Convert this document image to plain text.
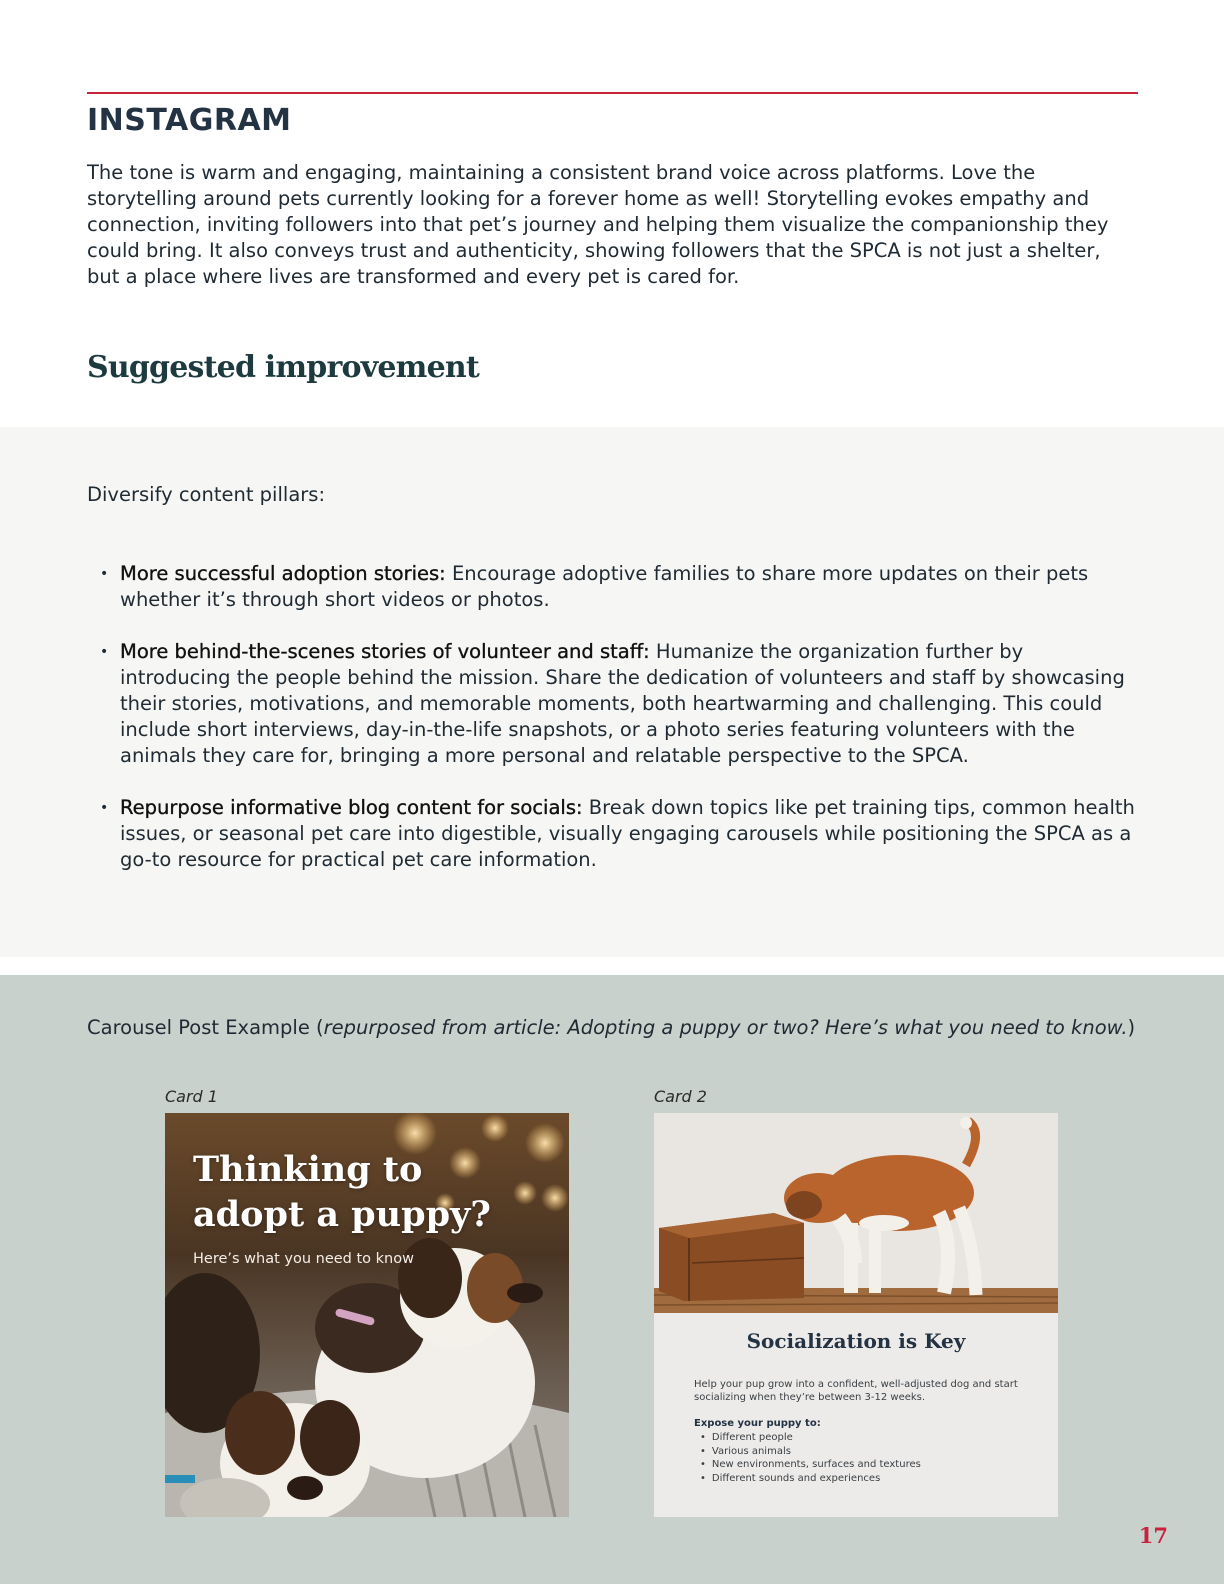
INSTAGRAM

The tone is warm and engaging, maintaining a consistent brand voice across platforms. Love the storytelling around pets currently looking for a forever home as well! Storytelling evokes empathy and connection, inviting followers into that pet’s journey and helping them visualize the companionship they could bring. It also conveys trust and authenticity, showing followers that the SPCA is not just a shelter, but a place where lives are transformed and every pet is cared for.

Suggested improvement

Diversify content pillars:

• More successful adoption stories: Encourage adoptive families to share more updates on their pets whether it’s through short videos or photos.
• More behind-the-scenes stories of volunteer and staff: Humanize the organization further by introducing the people behind the mission. Share the dedication of volunteers and staff by showcasing their stories, motivations, and memorable moments, both heartwarming and challenging. This could include short interviews, day-in-the-life snapshots, or a photo series featuring volunteers with the animals they care for, bringing a more personal and relatable perspective to the SPCA.
• Repurpose informative blog content for socials: Break down topics like pet training tips, common health issues, or seasonal pet care into digestible, visually engaging carousels while positioning the SPCA as a go-to resource for practical pet care information.

Carousel Post Example (repurposed from article: Adopting a puppy or two? Here’s what you need to know.)

Card 1
Thinking to adopt a puppy?
Here’s what you need to know
Card 2
Socialization is Key
Help your pup grow into a confident, well-adjusted dog and start socializing when they’re between 3-12 weeks.
Expose your puppy to:
• Different people
• Various animals
• New environments, surfaces and textures
• Different sounds and experiences
17
